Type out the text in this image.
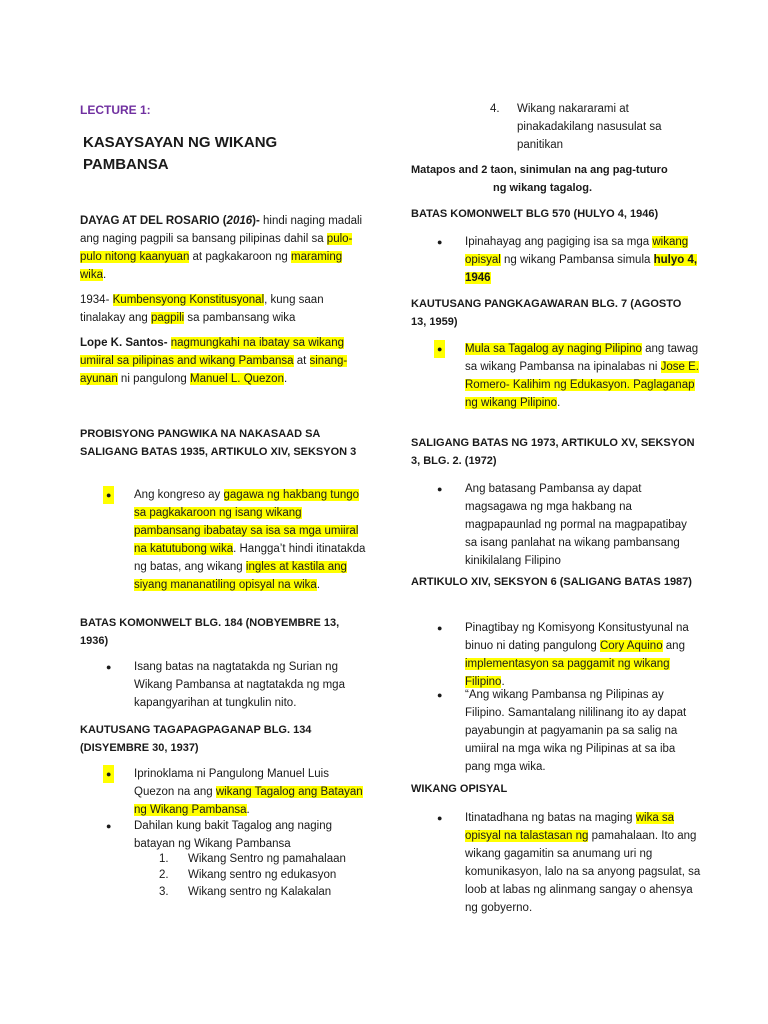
LECTURE 1:

KASAYSAYAN NG WIKANG
PAMBANSA

DAYAG AT DEL ROSARIO (2016)- hindi naging madali ang naging pagpili sa bansang pilipinas dahil sa pulo-pulo nitong kaanyuan at pagkakaroon ng maraming wika.

1934- Kumbensyong Konstitusyonal, kung saan tinalakay ang pagpili sa pambansang wika

Lope K. Santos- nagmungkahi na ibatay sa wikang umiiral sa pilipinas and wikang Pambansa at sinang-ayunan ni pangulong Manuel L. Quezon.

PROBISYONG PANGWIKA NA NAKASAAD SA SALIGANG BATAS 1935, ARTIKULO XIV, SEKSYON 3

● Ang kongreso ay gagawa ng hakbang tungo sa pagkakaroon ng isang wikang pambansang ibabatay sa isa sa mga umiiral na katutubong wika. Hangga’t hindi itinatakda ng batas, ang wikang ingles at kastila ang siyang mananatiling opisyal na wika.

BATAS KOMONWELT BLG. 184 (NOBYEMBRE 13, 1936)

● Isang batas na nagtatakda ng Surian ng Wikang Pambansa at nagtatakda ng mga kapangyarihan at tungkulin nito.

KAUTUSANG TAGAPAGPAGANAP BLG. 134 (DISYEMBRE 30, 1937)

● Iprinoklama ni Pangulong Manuel Luis Quezon na ang wikang Tagalog ang Batayan ng Wikang Pambansa.
● Dahilan kung bakit Tagalog ang naging batayan ng Wikang Pambansa
1. Wikang Sentro ng pamahalaan
2. Wikang sentro ng edukasyon
3. Wikang sentro ng Kalakalan
4. Wikang nakararami at pinakadakilang nasusulat sa panitikan
Matapos and 2 taon, sinimulan na ang pag-tuturo
ng wikang tagalog.

BATAS KOMONWELT BLG 570 (HULYO 4, 1946)

● Ipinahayag ang pagiging isa sa mga wikang opisyal ng wikang Pambansa simula hulyo 4, 1946

KAUTUSANG PANGKAGAWARAN BLG. 7 (AGOSTO 13, 1959)

● Mula sa Tagalog ay naging Pilipino ang tawag sa wikang Pambansa na ipinalabas ni Jose E. Romero- Kalihim ng Edukasyon. Paglaganap ng wikang Pilipino.

SALIGANG BATAS NG 1973, ARTIKULO XV, SEKSYON 3, BLG. 2. (1972)

● Ang batasang Pambansa ay dapat magsagawa ng mga hakbang na magpapaunlad ng pormal na magpapatibay sa isang panlahat na wikang pambansang kinikilalang Filipino

ARTIKULO XIV, SEKSYON 6 (SALIGANG BATAS 1987)

● Pinagtibay ng Komisyong Konsitustyunal na binuo ni dating pangulong Cory Aquino ang implementasyon sa paggamit ng wikang Filipino.
● “Ang wikang Pambansa ng Pilipinas ay Filipino. Samantalang nililinang ito ay dapat payabungin at pagyamanin pa sa salig na umiiral na mga wika ng Pilipinas at sa iba pang mga wika.

WIKANG OPISYAL

● Itinatadhana ng batas na maging wika sa opisyal na talastasan ng pamahalaan. Ito ang wikang gagamitin sa anumang uri ng komunikasyon, lalo na sa anyong pagsulat, sa loob at labas ng alinmang sangay o ahensya ng gobyerno.
